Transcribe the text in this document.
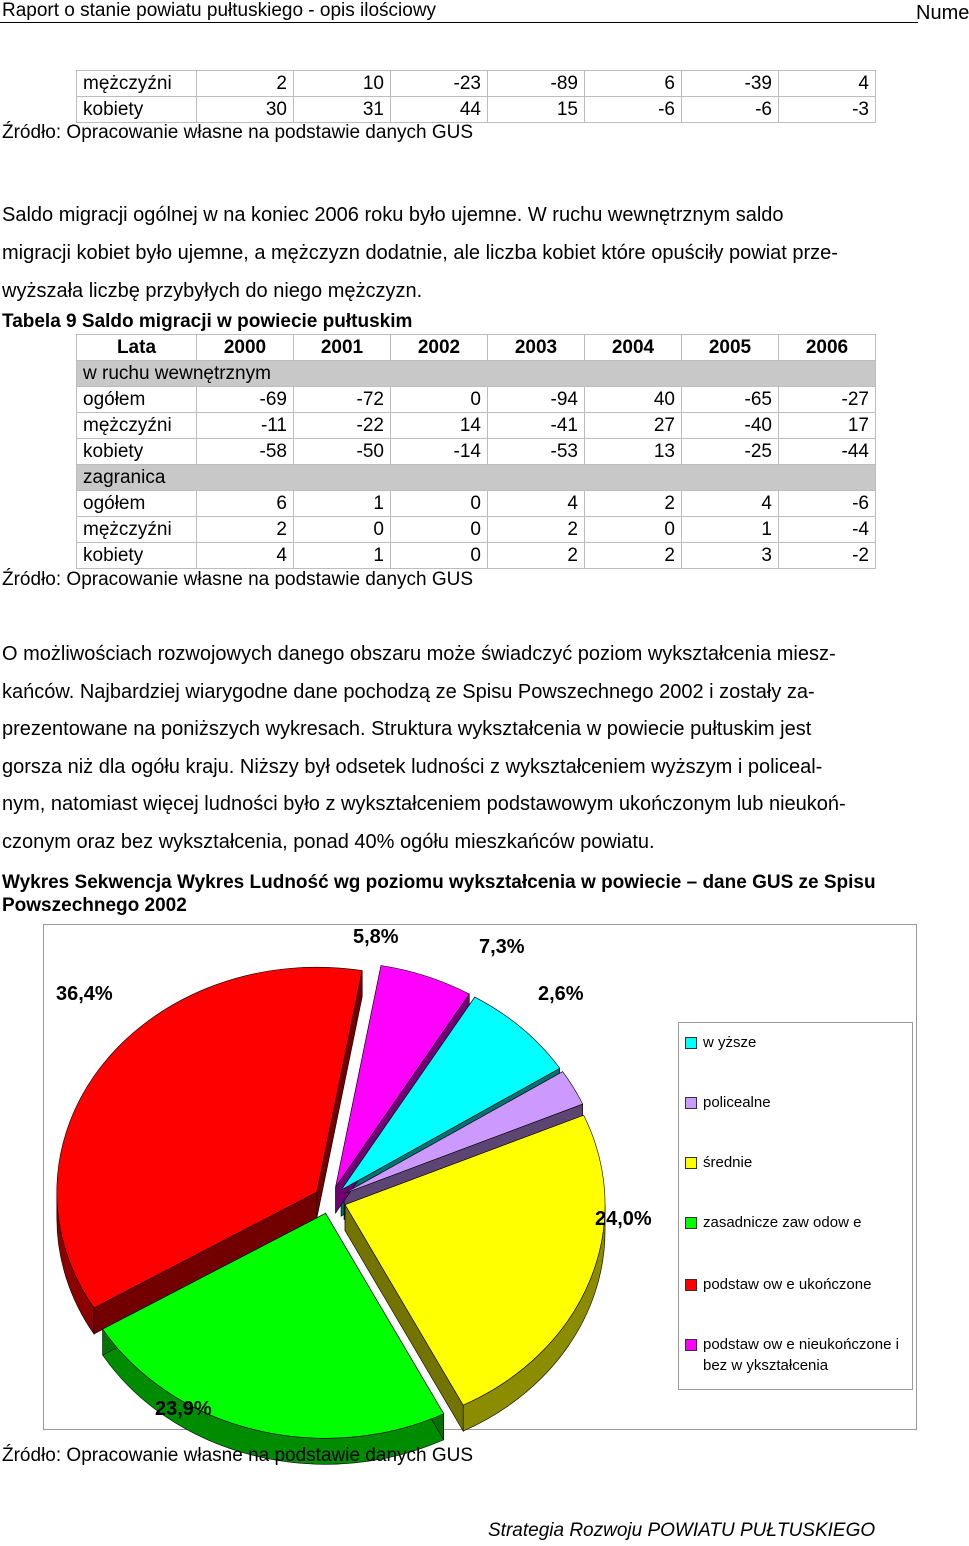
Raport o stanie powiatu pułtuskiego - opis ilościowy	Nume
mężczyźni	2	10	-23	-89	6	-39	4
kobiety	30	31	44	15	-6	-6	-3
Źródło: Opracowanie własne na podstawie danych GUS
Saldo migracji ogólnej w na koniec 2006 roku było ujemne. W ruchu wewnętrznym saldo
migracji kobiet było ujemne, a mężczyzn dodatnie, ale liczba kobiet które opuściły powiat prze-
wyższała liczbę przybyłych do niego mężczyzn.
Tabela 9 Saldo migracji w powiecie pułtuskim
Lata	2000	2001	2002	2003	2004	2005	2006
w ruchu wewnętrznym							
ogółem	-69	-72	0	-94	40	-65	-27
mężczyźni	-11	-22	14	-41	27	-40	17
kobiety	-58	-50	-14	-53	13	-25	-44
zagranica							
ogółem	6	1	0	4	2	4	-6
mężczyźni	2	0	0	2	0	1	-4
kobiety	4	1	0	2	2	3	-2
Źródło: Opracowanie własne na podstawie danych GUS
O możliwościach rozwojowych danego obszaru może świadczyć poziom wykształcenia miesz-
kańców. Najbardziej wiarygodne dane pochodzą ze Spisu Powszechnego 2002 i zostały za-
prezentowane na poniższych wykresach. Struktura wykształcenia w powiecie pułtuskim jest
gorsza niż dla ogółu kraju. Niższy był odsetek ludności z wykształceniem wyższym i policeal-
nym, natomiast więcej ludności było z wykształceniem podstawowym ukończonym lub nieukoń-
czonym oraz bez wykształcenia, ponad 40% ogółu mieszkańców powiatu.
Wykres Sekwencja Wykres Ludność wg poziomu wykształcenia w powiecie – dane GUS ze Spisu
Powszechnego 2002
5,8%	7,3%
2,6%
36,4%
24,0%
23,9%
w yższe
policealne
średnie
zasadnicze zaw odow e
podstaw ow e ukończone
podstaw ow e nieukończone i bez w ykształcenia
Źródło: Opracowanie własne na podstawie danych GUS
Strategia Rozwoju POWIATU PUŁTUSKIEGO
